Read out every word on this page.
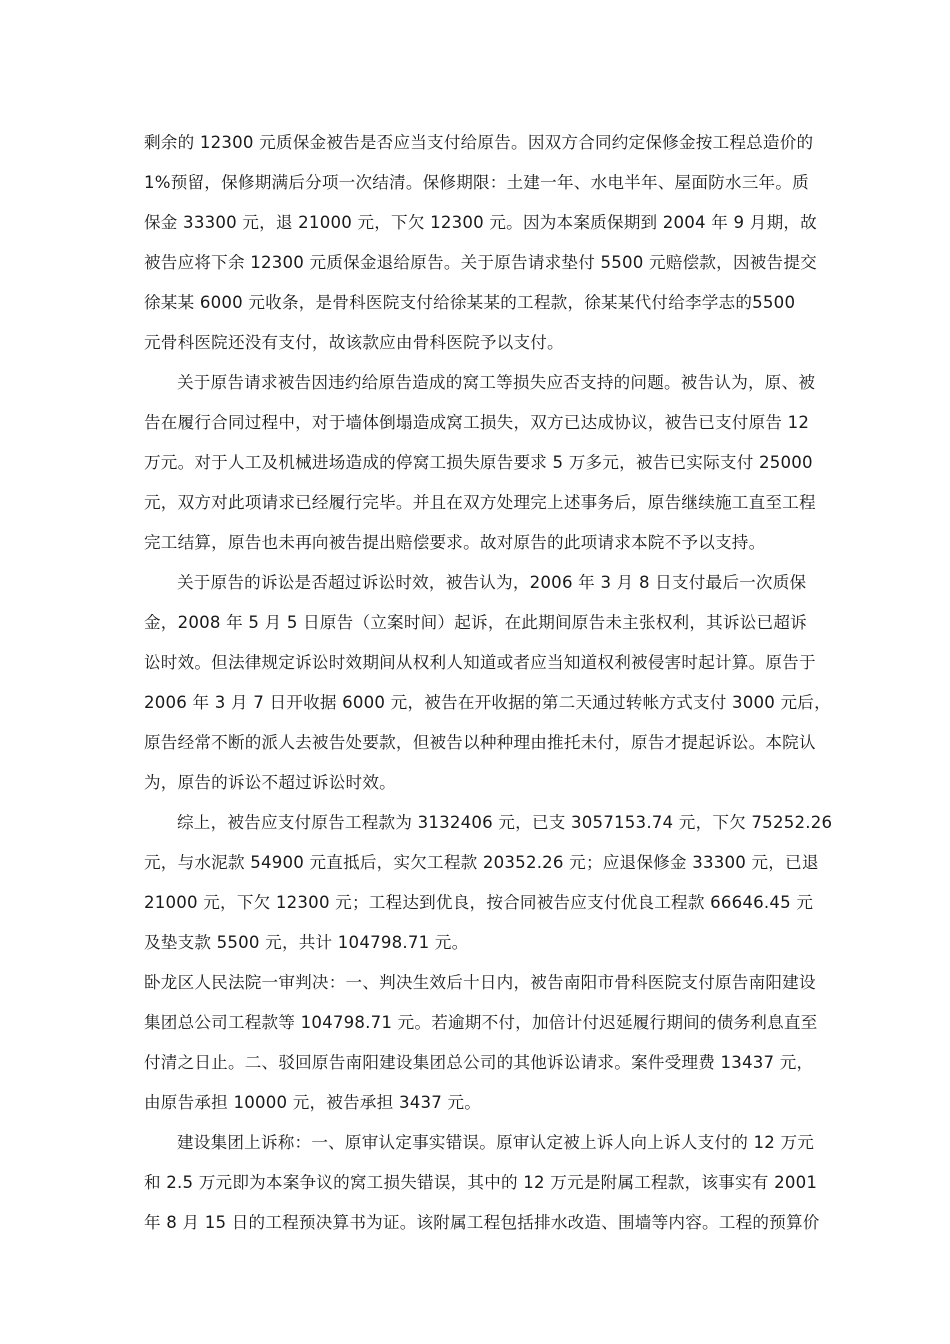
剩余的 12300 元质保金被告是否应当支付给原告。因双方合同约定保修金按工程总造价的
1%预留，保修期满后分项一次结清。保修期限：土建一年、水电半年、屋面防水三年。质
保金 33300 元，退 21000 元，下欠 12300 元。因为本案质保期到 2004 年 9 月期，故
被告应将下余 12300 元质保金退给原告。关于原告请求垫付 5500 元赔偿款，因被告提交
徐某某 6000 元收条，是骨科医院支付给徐某某的工程款，徐某某代付给李学志的5500
元骨科医院还没有支付，故该款应由骨科医院予以支付。
关于原告请求被告因违约给原告造成的窝工等损失应否支持的问题。被告认为，原、被
告在履行合同过程中，对于墙体倒塌造成窝工损失，双方已达成协议，被告已支付原告 12
万元。对于人工及机械进场造成的停窝工损失原告要求 5 万多元，被告已实际支付 25000
元，双方对此项请求已经履行完毕。并且在双方处理完上述事务后，原告继续施工直至工程
完工结算，原告也未再向被告提出赔偿要求。故对原告的此项请求本院不予以支持。
关于原告的诉讼是否超过诉讼时效，被告认为，2006 年 3 月 8 日支付最后一次质保
金，2008 年 5 月 5 日原告（立案时间）起诉，在此期间原告未主张权利，其诉讼已超诉
讼时效。但法律规定诉讼时效期间从权利人知道或者应当知道权利被侵害时起计算。原告于
2006 年 3 月 7 日开收据 6000 元，被告在开收据的第二天通过转帐方式支付 3000 元后，
原告经常不断的派人去被告处要款，但被告以种种理由推托未付，原告才提起诉讼。本院认
为，原告的诉讼不超过诉讼时效。
综上，被告应支付原告工程款为 3132406 元，已支 3057153.74 元，下欠 75252.26
元，与水泥款 54900 元直抵后，实欠工程款 20352.26 元；应退保修金 33300 元，已退
21000 元，下欠 12300 元；工程达到优良，按合同被告应支付优良工程款 66646.45 元
及垫支款 5500 元，共计 104798.71 元。
卧龙区人民法院一审判决：一、判决生效后十日内，被告南阳市骨科医院支付原告南阳建设
集团总公司工程款等 104798.71 元。若逾期不付，加倍计付迟延履行期间的债务利息直至
付清之日止。二、驳回原告南阳建设集团总公司的其他诉讼请求。案件受理费 13437 元，
由原告承担 10000 元，被告承担 3437 元。
建设集团上诉称：一、原审认定事实错误。原审认定被上诉人向上诉人支付的 12 万元
和 2.5 万元即为本案争议的窝工损失错误，其中的 12 万元是附属工程款，该事实有 2001
年 8 月 15 日的工程预决算书为证。该附属工程包括排水改造、围墙等内容。工程的预算价
